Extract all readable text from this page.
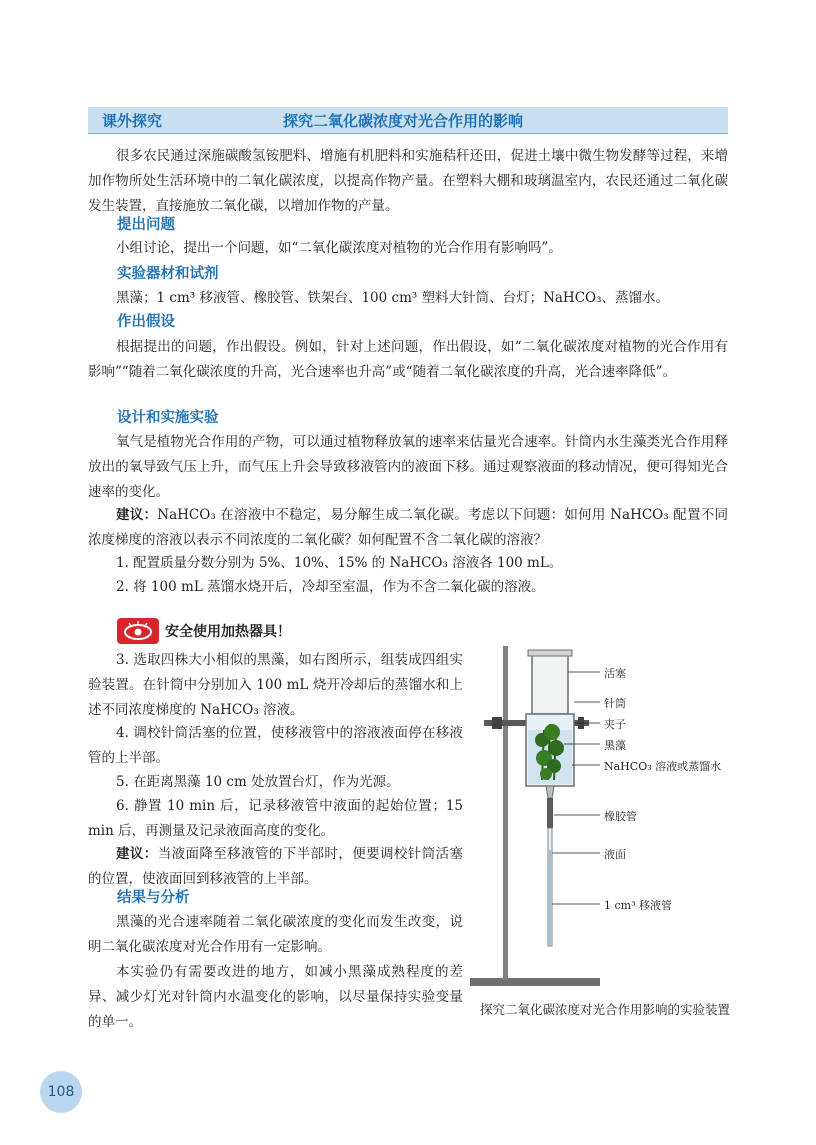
课外探究	探究二氧化碳浓度对光合作用的影响

很多农民通过深施碳酸氢铵肥料、增施有机肥料和实施秸秆还田，促进土壤中微生物发酵等过程，来增加作物所处生活环境中的二氧化碳浓度，以提高作物产量。在塑料大棚和玻璃温室内，农民还通过二氧化碳发生装置，直接施放二氧化碳，以增加作物的产量。

提出问题

小组讨论，提出一个问题，如“二氧化碳浓度对植物的光合作用有影响吗”。

实验器材和试剂

黑藻；1 cm³ 移液管、橡胶管、铁架台、100 cm³ 塑料大针筒、台灯；NaHCO₃、蒸馏水。

作出假设

根据提出的问题，作出假设。例如，针对上述问题，作出假设，如“二氧化碳浓度对植物的光合作用有影响”“随着二氧化碳浓度的升高，光合速率也升高”或“随着二氧化碳浓度的升高，光合速率降低”。

设计和实施实验

氧气是植物光合作用的产物，可以通过植物释放氧的速率来估量光合速率。针筒内水生藻类光合作用释放出的氧导致气压上升，而气压上升会导致移液管内的液面下移。通过观察液面的移动情况，便可得知光合速率的变化。

建议：NaHCO₃ 在溶液中不稳定，易分解生成二氧化碳。考虑以下问题：如何用 NaHCO₃ 配置不同浓度梯度的溶液以表示不同浓度的二氧化碳？如何配置不含二氧化碳的溶液？

1. 配置质量分数分别为 5%、10%、15% 的 NaHCO₃ 溶液各 100 mL。

2. 将 100 mL 蒸馏水烧开后，冷却至室温，作为不含二氧化碳的溶液。

安全使用加热器具！

3. 选取四株大小相似的黑藻，如右图所示，组装成四组实验装置。在针筒中分别加入 100 mL 烧开冷却后的蒸馏水和上述不同浓度梯度的 NaHCO₃ 溶液。

4. 调校针筒活塞的位置，使移液管中的溶液液面停在移液管的上半部。

5. 在距离黑藻 10 cm 处放置台灯，作为光源。

6. 静置 10 min 后，记录移液管中液面的起始位置；15 min 后，再测量及记录液面高度的变化。

建议：当液面降至移液管的下半部时，便要调校针筒活塞的位置，使液面回到移液管的上半部。

结果与分析

黑藻的光合速率随着二氧化碳浓度的变化而发生改变，说明二氧化碳浓度对光合作用有一定影响。

本实验仍有需要改进的地方，如减小黑藻成熟程度的差异、减少灯光对针筒内水温变化的影响，以尽量保持实验变量的单一。

活塞
针筒
夹子
黑藻
NaHCO₃ 溶液或蒸馏水
橡胶管
液面
1 cm³ 移液管
探究二氧化碳浓度对光合作用影响的实验装置
108
